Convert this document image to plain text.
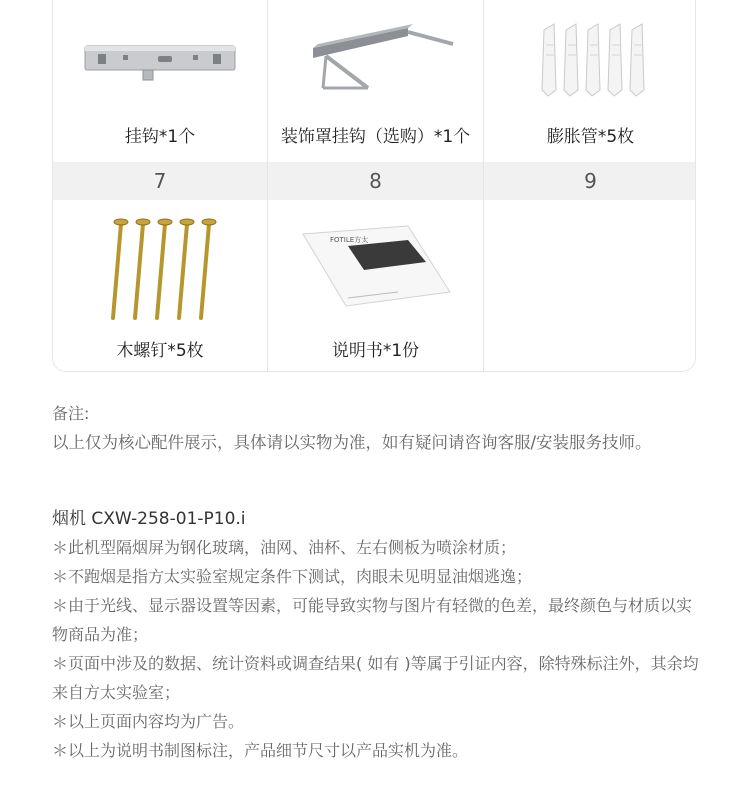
挂钩*1个	装饰罩挂钩（选购）*1个	膨胀管*5枚
7	8	9
木螺钉*5枚
FOTILE方太
说明书*1份
备注:
以上仅为核心配件展示，具体请以实物为准，如有疑问请咨询客服/安装服务技师。
烟机 CXW-258-01-P10.i
＊此机型隔烟屏为钢化玻璃，油网、油杯、左右侧板为喷涂材质；
＊不跑烟是指方太实验室规定条件下测试，肉眼未见明显油烟逃逸；
＊由于光线、显示器设置等因素，可能导致实物与图片有轻微的色差，最终颜色与材质以实物商品为准；
＊页面中涉及的数据、统计资料或调查结果( 如有 )等属于引证内容，除特殊标注外，其余均来自方太实验室；
＊以上页面内容均为广告。
＊以上为说明书制图标注，产品细节尺寸以产品实机为准。
